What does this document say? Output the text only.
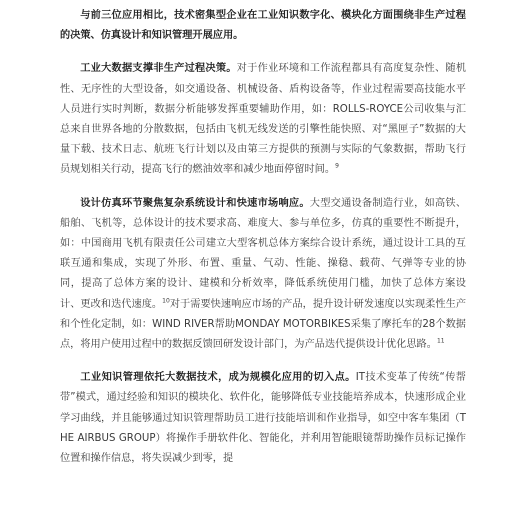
与前三位应用相比，技术密集型企业在工业知识数字化、模块化方面围绕非生产过程的决策、仿真设计和知识管理开展应用。

工业大数据支撑非生产过程决策。对于作业环境和工作流程都具有高度复杂性、随机性、无序性的大型设备，如交通设备、机械设备、盾构设备等，作业过程需要高技能水平人员进行实时判断，数据分析能够发挥重要辅助作用，如：ROLLS-ROYCE公司收集与汇总来自世界各地的分散数据，包括由飞机无线发送的引擎性能快照、对“黑匣子”数据的大量下载、技术日志、航班飞行计划以及由第三方提供的预测与实际的气象数据，帮助飞行员规划相关行动，提高飞行的燃油效率和减少地面停留时间。$^9$

设计仿真环节聚焦复杂系统设计和快速市场响应。大型交通设备制造行业，如高铁、船舶、飞机等，总体设计的技术要求高、难度大、参与单位多，仿真的重要性不断提升，如：中国商用飞机有限责任公司建立大型客机总体方案综合设计系统，通过设计工具的互联互通和集成，实现了外形、布置、重量、气动、性能、操稳、载荷、气弹等专业的协同，提高了总体方案的设计、建模和分析效率，降低系统使用门槛，加快了总体方案设计、更改和迭代速度。$^{10}$对于需要快速响应市场的产品，提升设计研发速度以实现柔性生产和个性化定制，如：WIND RIVER帮助MONDAY MOTORBIKES采集了摩托车的28个数据点，将用户使用过程中的数据反馈回研发设计部门，为产品迭代提供设计优化思路。$^{11}$

工业知识管理依托大数据技术，成为规模化应用的切入点。IT技术变革了传统“传帮带”模式，通过经验和知识的模块化、软件化，能够降低专业技能培养成本，快速形成企业学习曲线，并且能够通过知识管理帮助员工进行技能培训和作业指导，如空中客车集团（THE AIRBUS GROUP）将操作手册软件化、智能化，并利用智能眼镜帮助操作员标记操作位置和操作信息，将失误减少到零，提
